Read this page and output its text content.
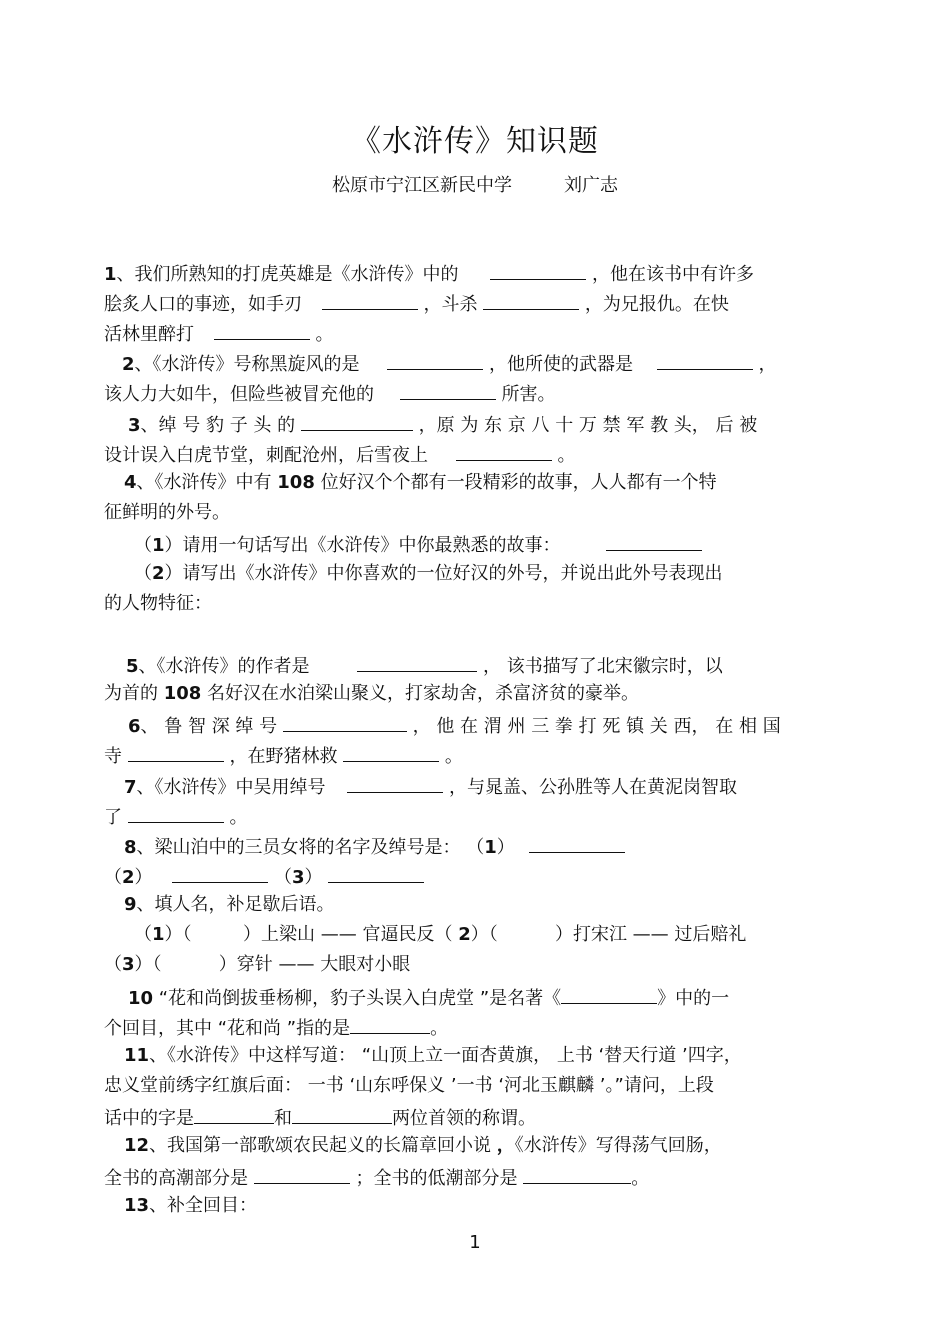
《水浒传》知识题
松原市宁江区新民中学	刘广志
1、我们所熟知的打虎英雄是《水浒传》中的	，他在该书中有许多
脍炙人口的事迹，如手刃	，斗杀	，为兄报仇。在快
活林里醉打	。
2、《水浒传》号称黑旋风的是	，他所使的武器是	，
该人力大如牛，但险些被冒充他的	所害。
3、绰 号 豹 子 头 的	，原 为 东 京 八 十 万 禁 军 教 头， 后 被
设计误入白虎节堂，刺配沧州，后雪夜上	。
4、《水浒传》中有 108 位好汉个个都有一段精彩的故事，人人都有一个特
征鲜明的外号。
（1）请用一句话写出《水浒传》中你最熟悉的故事：
（2）请写出《水浒传》中你喜欢的一位好汉的外号，并说出此外号表现出
的人物特征：
5、《水浒传》的作者是	， 该书描写了北宋徽宗时，以
为首的 108 名好汉在水泊梁山聚义，打家劫舍，杀富济贫的豪举。
6、 鲁 智 深 绰 号	， 他 在 渭 州 三 拳 打 死 镇 关 西， 在 相 国
寺	，在野猪林救	。
7、《水浒传》中吴用绰号	，与晁盖、公孙胜等人在黄泥岗智取
了	。
8、梁山泊中的三员女将的名字及绰号是： （1）
（2）	（3）
9、填人名，补足歇后语。
（1）（         ）上梁山 —— 官逼民反（ 2）（          ）打宋江 —— 过后赔礼
（3）（          ）穿针 —— 大眼对小眼
10 “花和尚倒拔垂杨柳，豹子头误入白虎堂 ”是名著《	》中的一
个回目，其中 “花和尚 ”指的是	。
11、《水浒传》中这样写道： “山顶上立一面杏黄旗， 上书 ‘替天行道 ’四字，
忠义堂前绣字红旗后面： 一书 ‘山东呼保义 ’一书 ‘河北玉麒麟 ’。”请问，上段
话中的字是	和	两位首领的称谓。
12、我国第一部歌颂农民起义的长篇章回小说 ，《水浒传》写得荡气回肠，
全书的高潮部分是	；全书的低潮部分是	。
13、补全回目：
1
